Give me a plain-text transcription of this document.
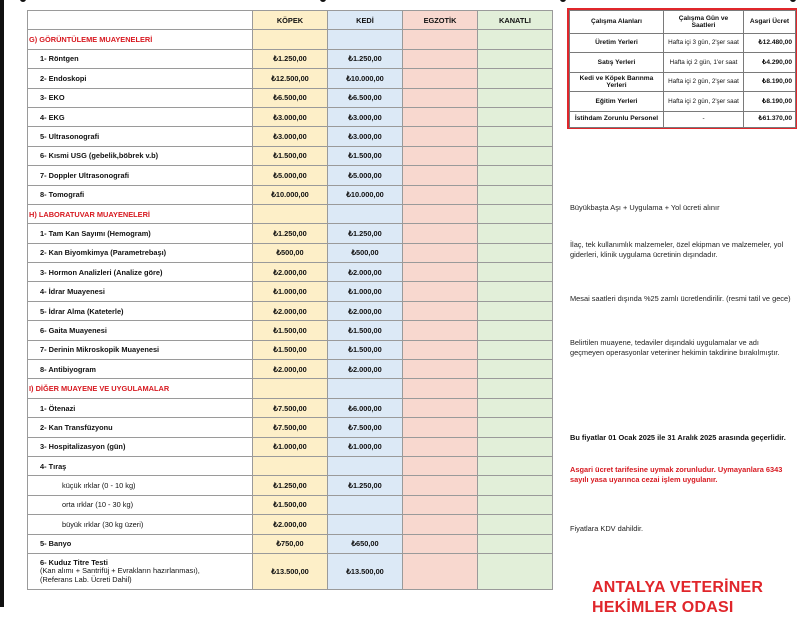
	KÖPEK	KEDİ	EGZOTİK	KANATLI
G) GÖRÜNTÜLEME MUAYENELERİ				
1- Röntgen	₺1.250,00	₺1.250,00		
2- Endoskopi	₺12.500,00	₺10.000,00		
3- EKO	₺6.500,00	₺6.500,00		
4- EKG	₺3.000,00	₺3.000,00		
5- Ultrasonografi	₺3.000,00	₺3.000,00		
6- Kısmi USG (gebelik,böbrek v.b)	₺1.500,00	₺1.500,00		
7- Doppler Ultrasonografi	₺5.000,00	₺5.000,00		
8- Tomografi	₺10.000,00	₺10.000,00		
H) LABORATUVAR MUAYENELERİ				
1- Tam Kan Sayımı (Hemogram)	₺1.250,00	₺1.250,00		
2- Kan Biyomkimya (Parametrebaşı)	₺500,00	₺500,00		
3- Hormon Analizleri (Analize göre)	₺2.000,00	₺2.000,00		
4- İdrar Muayenesi	₺1.000,00	₺1.000,00		
5- İdrar Alma (Kateterle)	₺2.000,00	₺2.000,00		
6- Gaita Muayenesi	₺1.500,00	₺1.500,00		
7- Derinin Mikroskopik Muayenesi	₺1.500,00	₺1.500,00		
8- Antibiyogram	₺2.000,00	₺2.000,00		
I) DİĞER MUAYENE VE UYGULAMALAR				
1- Ötenazi	₺7.500,00	₺6.000,00		
2- Kan Transfüzyonu	₺7.500,00	₺7.500,00		
3- Hospitalizasyon (gün)	₺1.000,00	₺1.000,00		
4- Tıraş				
küçük ırklar (0 - 10 kg)	₺1.250,00	₺1.250,00		
orta ırklar (10 - 30 kg)	₺1.500,00			
büyük ırklar (30 kg üzeri)	₺2.000,00			
5- Banyo	₺750,00	₺650,00		

6- Kuduz Titre Testi
(Kan alımı + Santrifüj + Evrakların hazırlanması),
(Referans Lab. Ücreti Dahil)	₺13.500,00	₺13.500,00		
Çalışma Alanları	Çalışma Gün ve Saatleri	Asgari Ücret
Üretim Yerleri	Hafta içi 3 gün, 2'şer saat	₺12.480,00
Satış Yerleri	Hafta içi 2 gün, 1'er saat	₺4.290,00
Kedi ve Köpek Barınma Yerleri	Hafta içi 2 gün, 2'şer saat	₺8.190,00
Eğitim Yerleri	Hafta içi 2 gün, 2'şer saat	₺8.190,00
İstihdam Zorunlu Personel	-	₺61.370,00
Büyükbaşta Aşı + Uygulama + Yol ücreti alınır
İlaç, tek kullanımlık malzemeler, özel ekipman ve malzemeler, yol giderleri, klinik uygulama ücretinin dışındadır.
Mesai saatleri dışında %25 zamlı ücretlendirilir. (resmi tatil ve gece)
Belirtilen muayene, tedaviler dışındaki uygulamalar ve adı geçmeyen operasyonlar veteriner hekimin takdirine bırakılmıştır.
Bu fiyatlar 01 Ocak 2025 ile 31 Aralık 2025 arasında geçerlidir.
Asgari ücret tarifesine uymak zorunludur. Uymayanlara 6343 sayılı yasa uyarınca cezai işlem uygulanır.
Fiyatlara KDV dahildir.
ANTALYA VETERİNER
HEKİMLER ODASI
